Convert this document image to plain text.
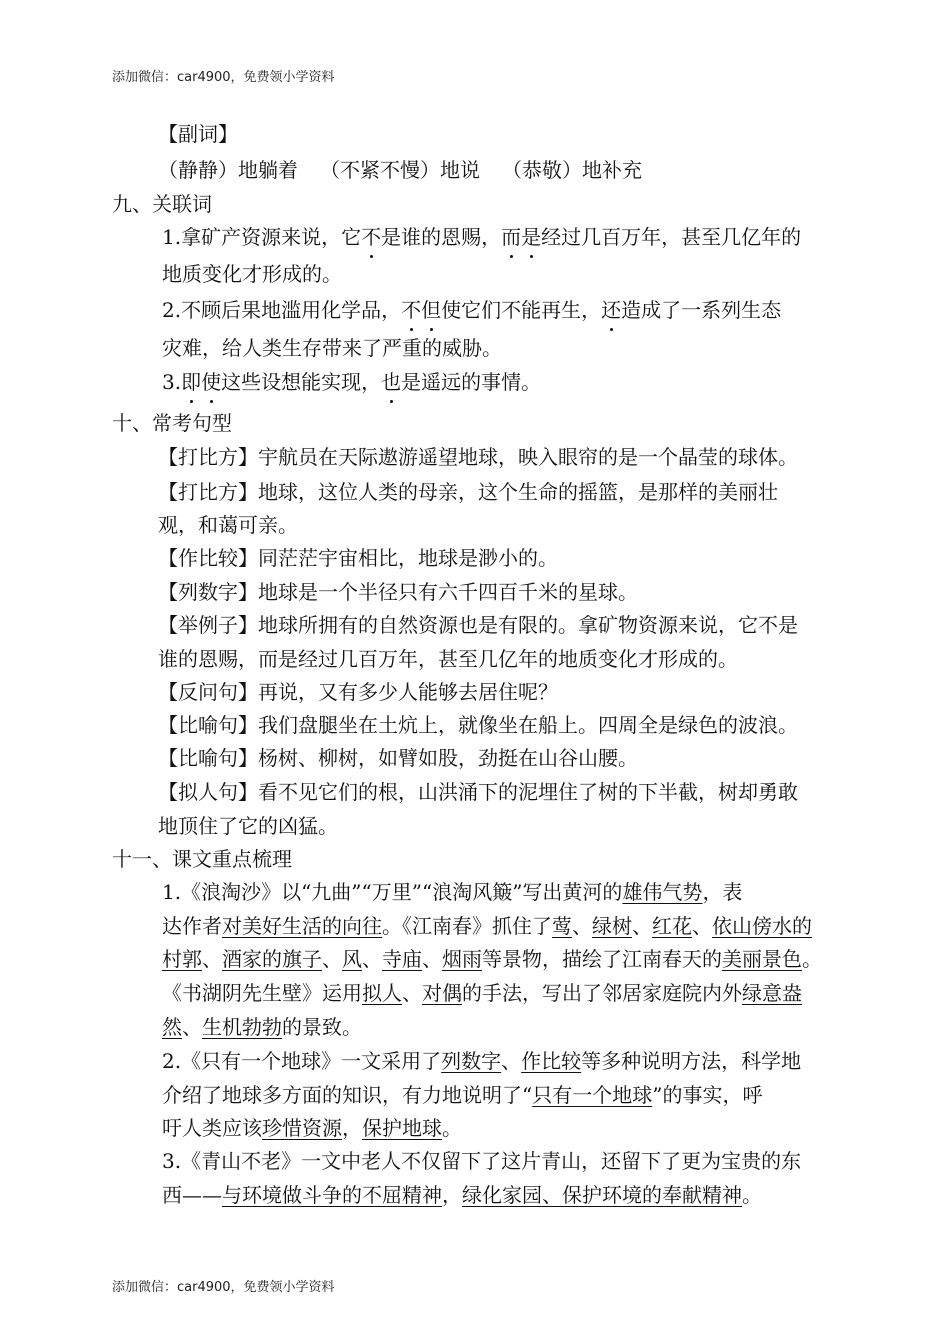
添加微信：car4900，免费领小学资料
【副词】
（静静）地躺着 （不紧不慢）地说 （恭敬）地补充
九、关联词
1.拿矿产资源来说，它不是谁的恩赐，而是经过几百万年，甚至几亿年的
地质变化才形成的。
2.不顾后果地滥用化学品，不但使它们不能再生，还造成了一系列生态
灾难，给人类生存带来了严重的威胁。
3.即使这些设想能实现，也是遥远的事情。
十、常考句型
【打比方】宇航员在天际遨游遥望地球，映入眼帘的是一个晶莹的球体。
【打比方】地球，这位人类的母亲，这个生命的摇篮，是那样的美丽壮
观，和蔼可亲。
【作比较】同茫茫宇宙相比，地球是渺小的。
【列数字】地球是一个半径只有六千四百千米的星球。
【举例子】地球所拥有的自然资源也是有限的。拿矿物资源来说，它不是
谁的恩赐，而是经过几百万年，甚至几亿年的地质变化才形成的。
【反问句】再说，又有多少人能够去居住呢？
【比喻句】我们盘腿坐在土炕上，就像坐在船上。四周全是绿色的波浪。
【比喻句】杨树、柳树，如臂如股，劲挺在山谷山腰。
【拟人句】看不见它们的根，山洪涌下的泥埋住了树的下半截，树却勇敢
地顶住了它的凶猛。
十一、课文重点梳理
1.《浪淘沙》以“九曲”“万里”“浪淘风簸”写出黄河的雄伟气势，表
达作者对美好生活的向往。《江南春》抓住了莺、绿树、红花、依山傍水的
村郭、酒家的旗子、风、寺庙、烟雨等景物，描绘了江南春天的美丽景色。
《书湖阴先生壁》运用拟人、对偶的手法，写出了邻居家庭院内外绿意盎
然、生机勃勃的景致。
2.《只有一个地球》一文采用了列数字、作比较等多种说明方法，科学地
介绍了地球多方面的知识，有力地说明了“只有一个地球”的事实，呼
吁人类应该珍惜资源，保护地球。
3.《青山不老》一文中老人不仅留下了这片青山，还留下了更为宝贵的东
西——与环境做斗争的不屈精神，绿化家园、保护环境的奉献精神。
添加微信：car4900，免费领小学资料
